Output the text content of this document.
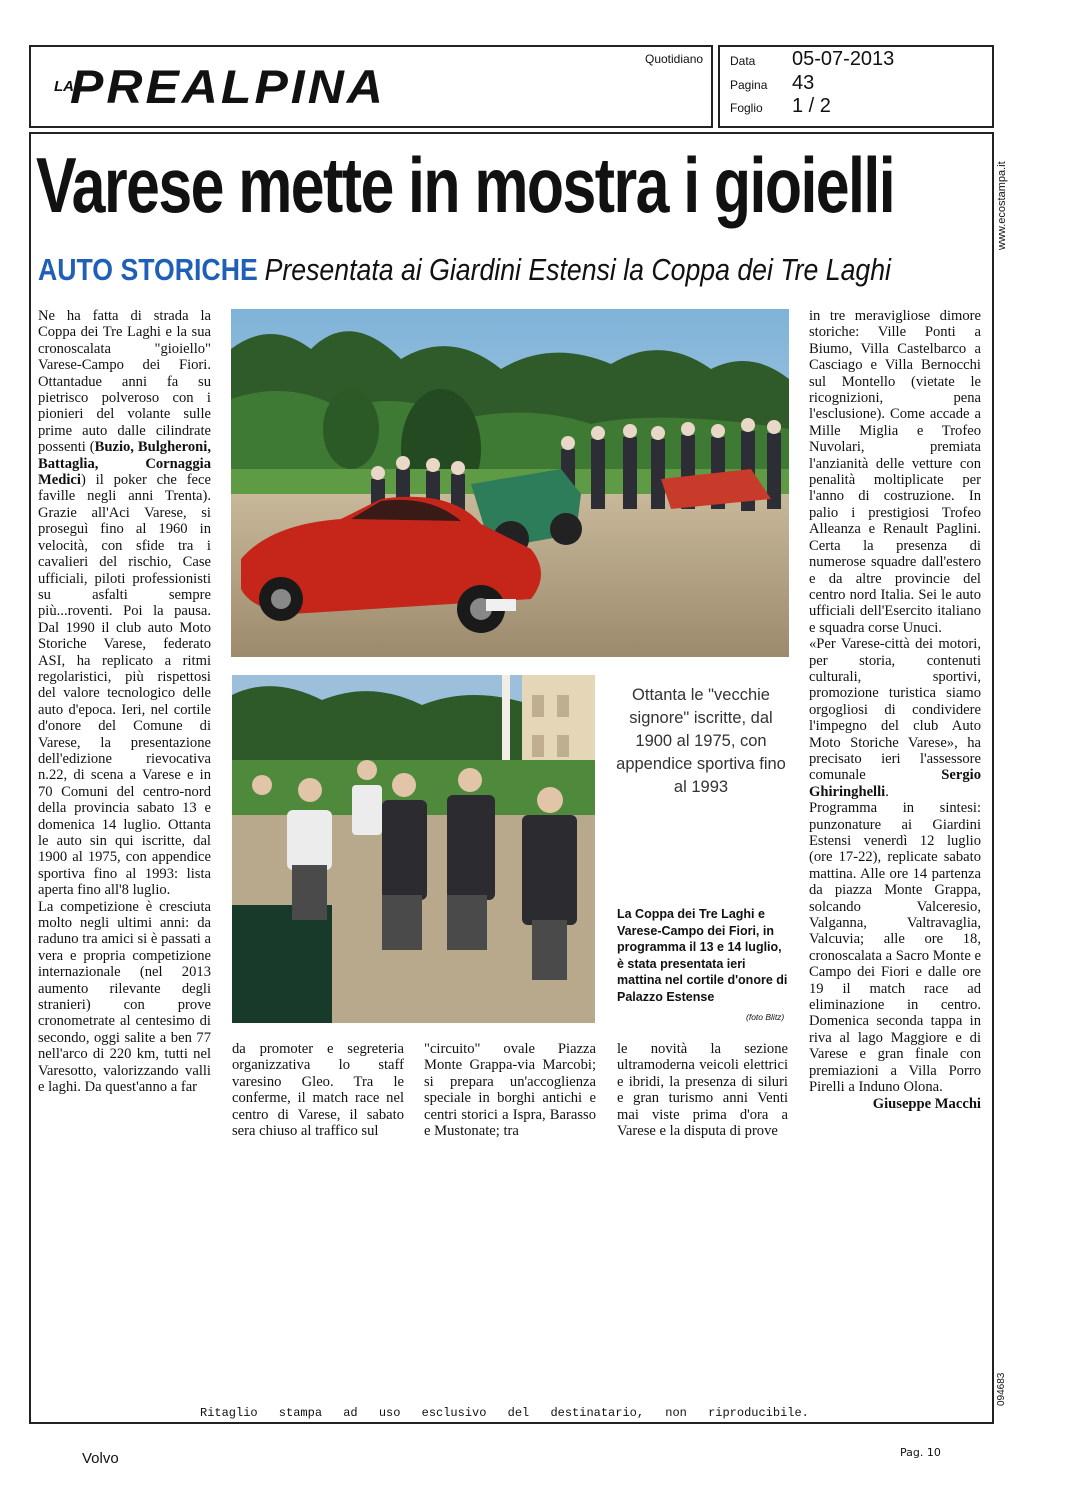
LA
PREALPINA
Quotidiano Data 05-07-2013
Pagina 43
Foglio 1 / 2
Varese mette in mostra i gioielli
AUTO STORICHE Presentata ai Giardini Estensi la Coppa dei Tre Laghi

Ne ha fatta di strada la Coppa dei Tre Laghi e la sua cronoscalata "gioiello" Varese-Campo dei Fiori. Ottantadue anni fa su pietrisco polveroso con i pionieri del volante sulle prime auto dalle cilindrate possenti (Buzio, Bulgheroni, Battaglia, Cornaggia Medici) il poker che fece faville negli anni Trenta). Grazie all'Aci Varese, si proseguì fino al 1960 in velocità, con sfide tra i cavalieri del rischio, Case ufficiali, piloti professionisti su asfalti sempre più...roventi. Poi la pausa. Dal 1990 il club auto Moto Storiche Varese, federato ASI, ha replicato a ritmi regolaristici, più rispettosi del valore tecnologico delle auto d'epoca. Ieri, nel cortile d'onore del Comune di Varese, la presentazione dell'edizione rievocativa n.22, di scena a Varese e in 70 Comuni del centro-nord della provincia sabato 13 e domenica 14 luglio. Ottanta le auto sin qui iscritte, dal 1900 al 1975, con appendice sportiva fino al 1993: lista aperta fino all'8 luglio.

La competizione è cresciuta molto negli ultimi anni: da raduno tra amici si è passati a vera e propria competizione internazionale (nel 2013 aumento rilevante degli stranieri) con prove cronometrate al centesimo di secondo, oggi salite a ben 77 nell'arco di 220 km, tutti nel Varesotto, valorizzando valli e laghi. Da quest'anno a far

Ottanta le "vecchie signore" iscritte, dal 1900 al 1975, con appendice sportiva fino al 1993
La Coppa dei Tre Laghi e Varese-Campo dei Fiori, in programma il 13 e 14 luglio, è stata presentata ieri mattina nel cortile d'onore di Palazzo Estense
(foto Blitz)
da promoter e segreteria organizzativa lo staff varesino Gleo. Tra le conferme, il match race nel centro di Varese, il sabato sera chiuso al traffico sul
"circuito" ovale Piazza Monte Grappa-via Marcobi; si prepara un'accoglienza speciale in borghi antichi e centri storici a Ispra, Barasso e Mustonate; tra
le novità la sezione ultramoderna veicoli elettrici e ibridi, la presenza di siluri e gran turismo anni Venti mai viste prima d'ora a Varese e la disputa di prove

in tre meravigliose dimore storiche: Ville Ponti a Biumo, Villa Castelbarco a Casciago e Villa Bernocchi sul Montello (vietate le ricognizioni, pena l'esclusione). Come accade a Mille Miglia e Trofeo Nuvolari, premiata l'anzianità delle vetture con penalità moltiplicate per l'anno di costruzione. In palio i prestigiosi Trofeo Alleanza e Renault Paglini. Certa la presenza di numerose squadre dall'estero e da altre provincie del centro nord Italia. Sei le auto ufficiali dell'Esercito italiano e squadra corse Unuci.

«Per Varese-città dei motori, per storia, contenuti culturali, sportivi, promozione turistica siamo orgogliosi di condividere l'impegno del club Auto Moto Storiche Varese», ha precisato ieri l'assessore comunale Sergio Ghiringhelli.

Programma in sintesi: punzonature ai Giardini Estensi venerdì 12 luglio (ore 17-22), replicate sabato mattina. Alle ore 14 partenza da piazza Monte Grappa, solcando Valceresio, Valganna, Valtravaglia, Valcuvia; alle ore 18, cronoscalata a Sacro Monte e Campo dei Fiori e dalle ore 19 il match race ad eliminazione in centro. Domenica seconda tappa in riva al lago Maggiore e di Varese e gran finale con premiazioni a Villa Porro Pirelli a Induno Olona.

Giuseppe Macchi

www.ecostampa.it
094683
Ritaglio stampa ad uso esclusivo del destinatario, non riproducibile.
Volvo	Pag. 10
